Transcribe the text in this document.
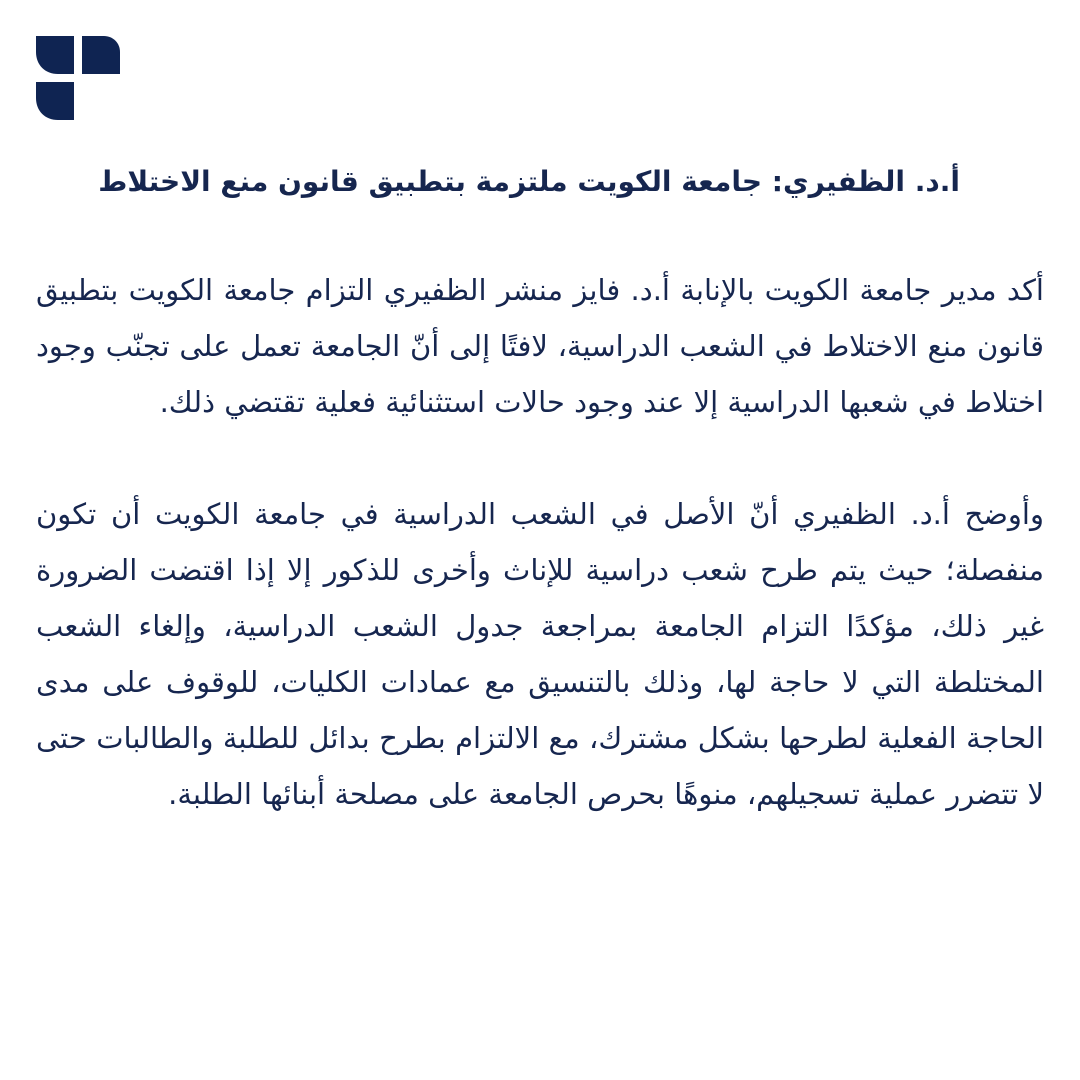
أ.د. الظفيري: جامعة الكويت ملتزمة بتطبيق قانون منع الاختلاط

أكد مدير جامعة الكويت بالإنابة أ.د. فايز منشر الظفيري التزام جامعة الكويت بتطبيق قانون منع الاختلاط في الشعب الدراسية، لافتًا إلى أنّ الجامعة تعمل على تجنّب وجود اختلاط في شعبها الدراسية إلا عند وجود حالات استثنائية فعلية تقتضي ذلك.

وأوضح أ.د. الظفيري أنّ الأصل في الشعب الدراسية في جامعة الكويت أن تكون منفصلة؛ حيث يتم طرح شعب دراسية للإناث وأخرى للذكور إلا إذا اقتضت الضرورة غير ذلك، مؤكدًا التزام الجامعة بمراجعة جدول الشعب الدراسية، وإلغاء الشعب المختلطة التي لا حاجة لها، وذلك بالتنسيق مع عمادات الكليات، للوقوف على مدى الحاجة الفعلية لطرحها بشكل مشترك، مع الالتزام بطرح بدائل للطلبة والطالبات حتى لا تتضرر عملية تسجيلهم، منوهًا بحرص الجامعة على مصلحة أبنائها الطلبة.
